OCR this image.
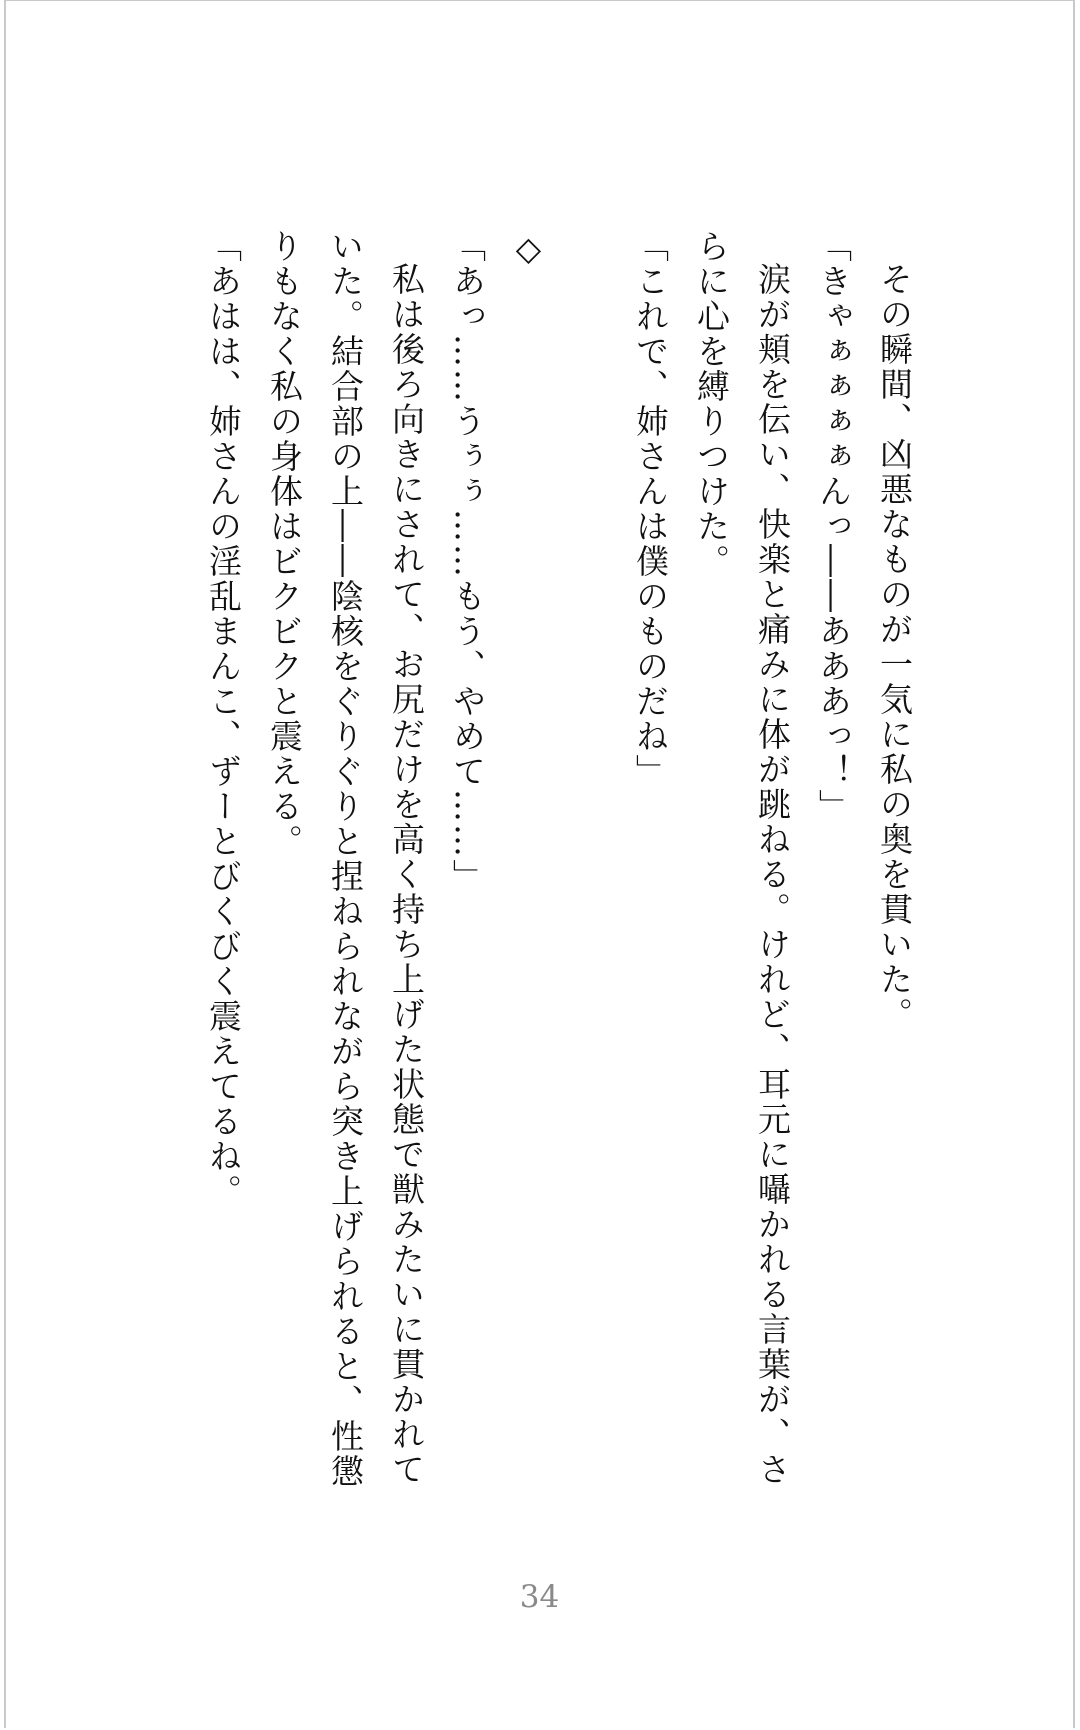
その瞬間、凶悪なものが一気に私の奥を貫いた。

「きゃぁぁぁぁんっ――あああっ！」

涙が頬を伝い、快楽と痛みに体が跳ねる。けれど、耳元に囁かれる言葉が、さらに心を縛りつけた。

「これで、姉さんは僕のものだね」

◇

「あっ……うぅぅ……もう、やめて……」

私は後ろ向きにされて、お尻だけを高く持ち上げた状態で獣みたいに貫かれていた。結合部の上――陰核をぐりぐりと捏ねられながら突き上げられると、性懲りもなく私の身体はビクビクと震える。

「あはは、姉さんの淫乱まんこ、ずーとびくびく震えてるね。

34
